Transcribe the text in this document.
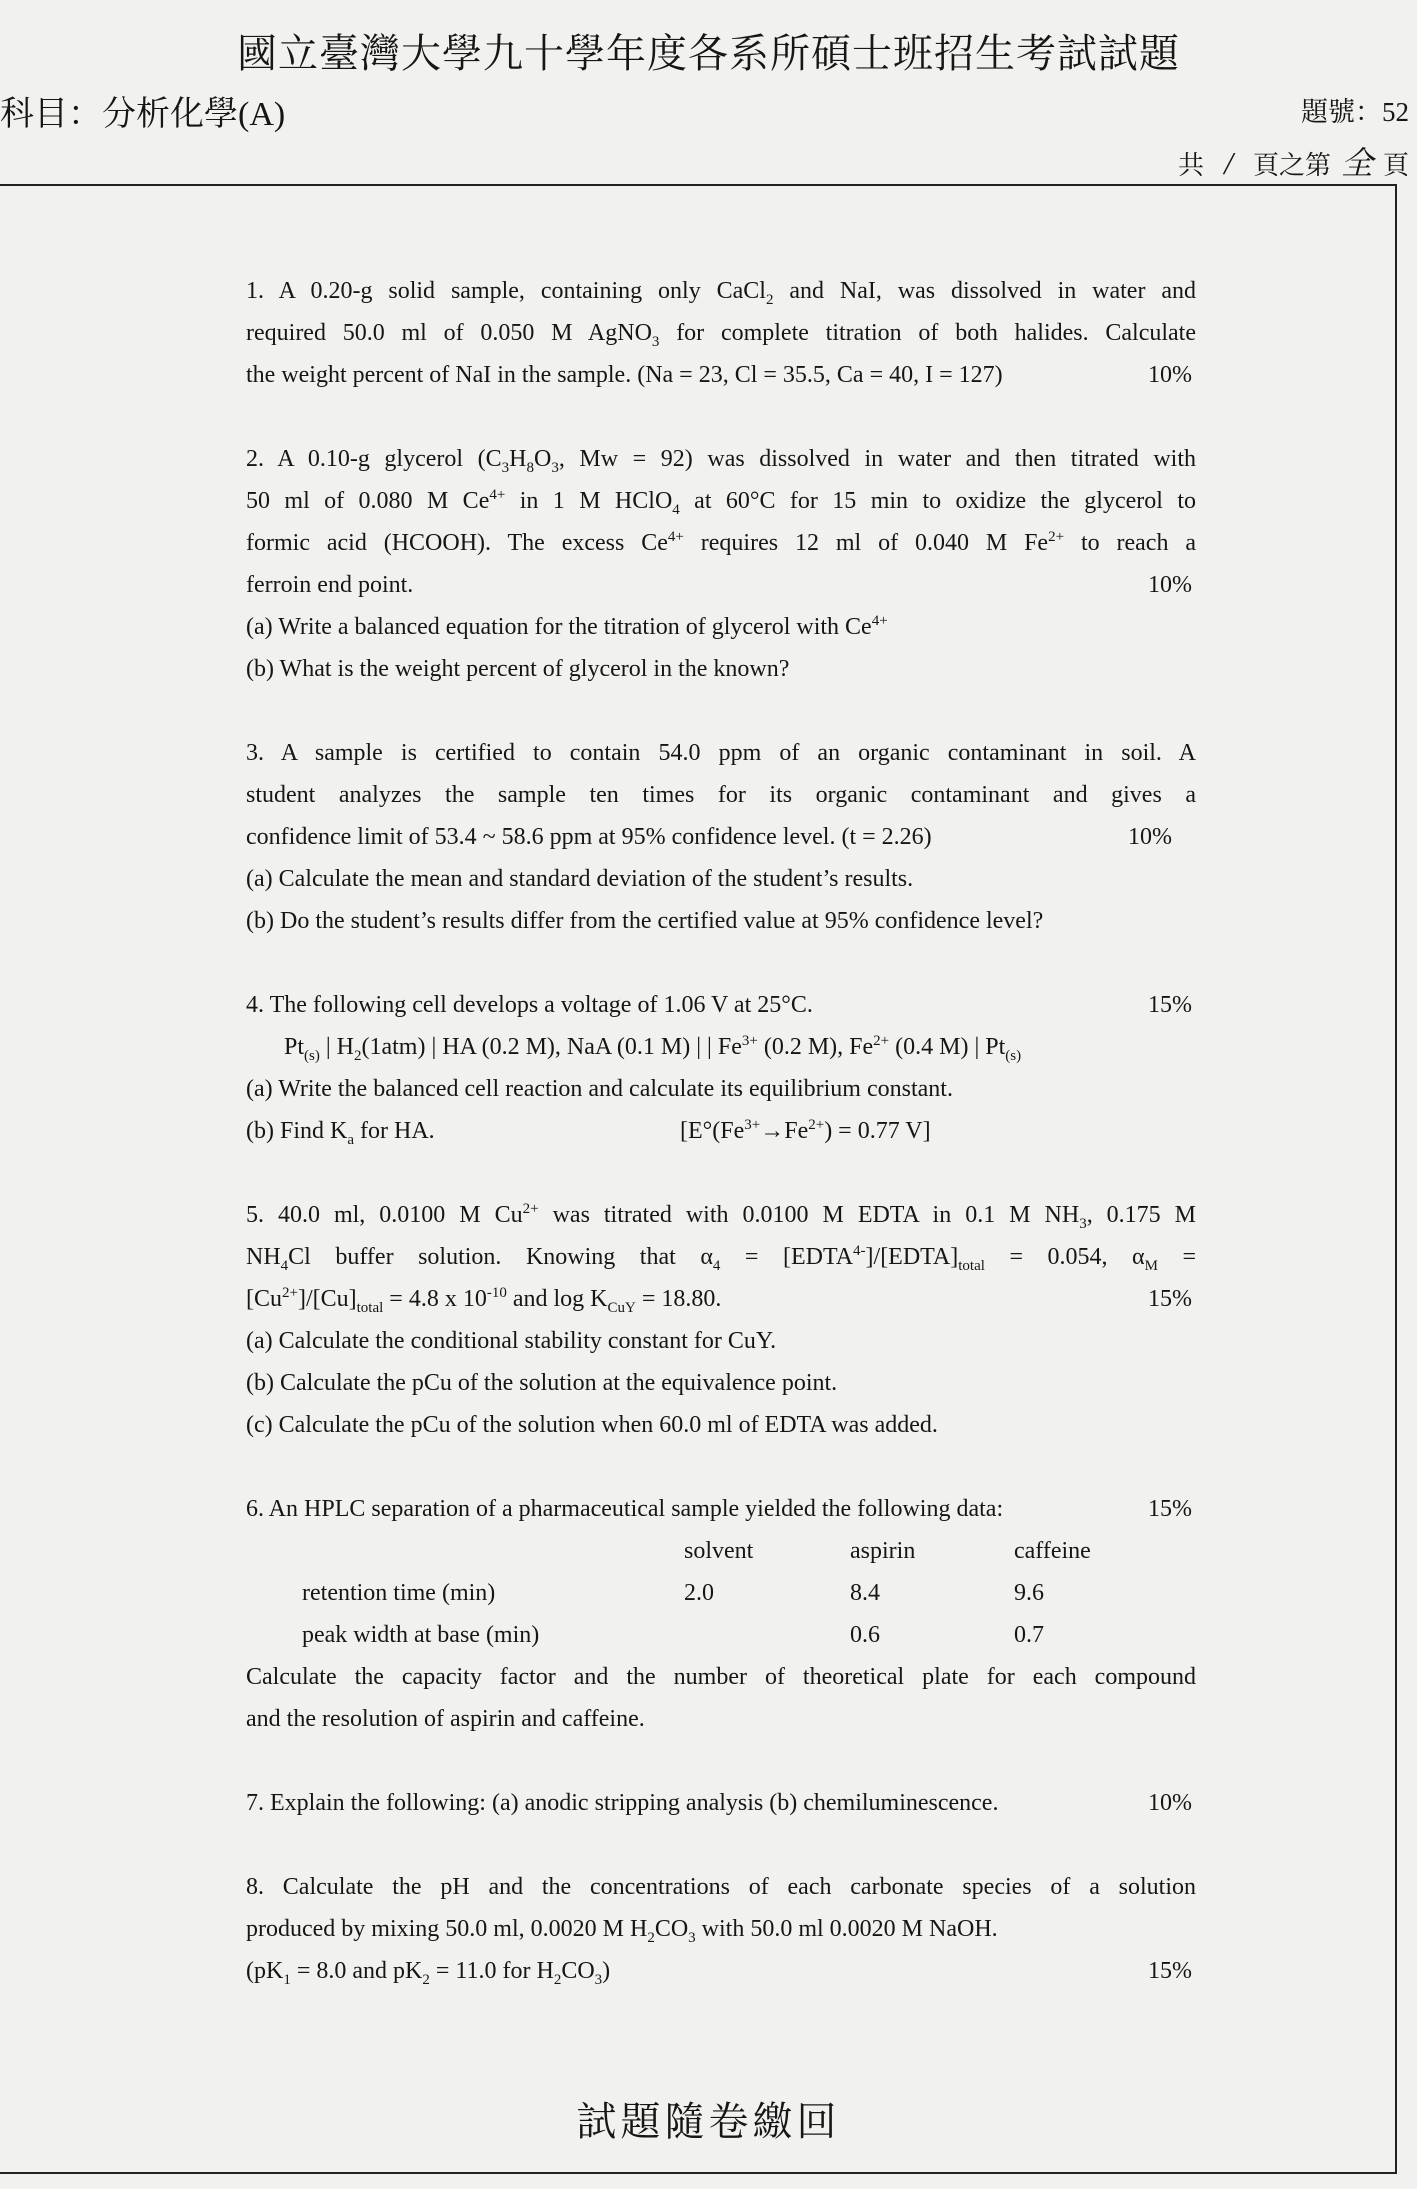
國立臺灣大學九十學年度各系所碩士班招生考試試題
科目：分析化學(A)	題號：52
共 / 頁之第 全 頁
1. A 0.20-g solid sample, containing only CaCl$_2$ and NaI, was dissolved in water and
required 50.0 ml of 0.050 M AgNO$_3$ for complete titration of both halides. Calculate
the weight percent of NaI in the sample. (Na = 23, Cl = 35.5, Ca = 40, I = 127)	10%
2. A 0.10-g glycerol ($C_3H_8O_3$, Mw = 92) was dissolved in water and then titrated with
50 ml of 0.080 M $Ce^{4+}$ in 1 M HClO$_4$ at 60°C for 15 min to oxidize the glycerol to
formic acid (HCOOH). The excess $Ce^{4+}$ requires 12 ml of 0.040 M $Fe^{2+}$ to reach a
ferroin end point.	10%
(a) Write a balanced equation for the titration of glycerol with $Ce^{4+}$
(b) What is the weight percent of glycerol in the known?
3. A sample is certified to contain 54.0 ppm of an organic contaminant in soil. A
student analyzes the sample ten times for its organic contaminant and gives a
confidence limit of 53.4 ~ 58.6 ppm at 95% confidence level. (t = 2.26)	10%
(a) Calculate the mean and standard deviation of the student’s results.
(b) Do the student’s results differ from the certified value at 95% confidence level?
4. The following cell develops a voltage of 1.06 V at 25°C.	15%
$Pt_{(s)}$ | $H_2(1atm)$ | HA (0.2 M), NaA (0.1 M) | | $Fe^{3+}$ (0.2 M), $Fe^{2+}$ (0.4 M) | $Pt_{(s)}$
(a) Write the balanced cell reaction and calculate its equilibrium constant.
(b) Find $K_a$ for HA.	[$E^\circ(Fe^{3+}\to Fe^{2+}) = 0.77$ V]
5. 40.0 ml, 0.0100 M $Cu^{2+}$ was titrated with 0.0100 M EDTA in 0.1 M $NH_3$, 0.175 M
$NH_4Cl$ buffer solution. Knowing that $\alpha_4$ = $[EDTA^{4-}]/[EDTA]_{total} = 0.054$, $\alpha_M$ =
$[Cu^{2+}]/[Cu]_{total} = 4.8$ x $10^{-10}$ and $\log K_{CuY} = 18.80$.	15%
(a) Calculate the conditional stability constant for CuY.
(b) Calculate the pCu of the solution at the equivalence point.
(c) Calculate the pCu of the solution when 60.0 ml of EDTA was added.
6. An HPLC separation of a pharmaceutical sample yielded the following data:	15%
	solvent	aspirin	caffeine
retention time (min)	2.0	8.4	9.6
peak width at base (min)		0.6	0.7
Calculate the capacity factor and the number of theoretical plate for each compound
and the resolution of aspirin and caffeine.
7. Explain the following: (a) anodic stripping analysis (b) chemiluminescence.	10%
8. Calculate the pH and the concentrations of each carbonate species of a solution
produced by mixing 50.0 ml, 0.0020 M $H_2CO_3$ with 50.0 ml 0.0020 M NaOH.
($pK_1 = 8.0$ and $pK_2 = 11.0$ for $H_2CO_3$)	15%
試題隨卷繳回
